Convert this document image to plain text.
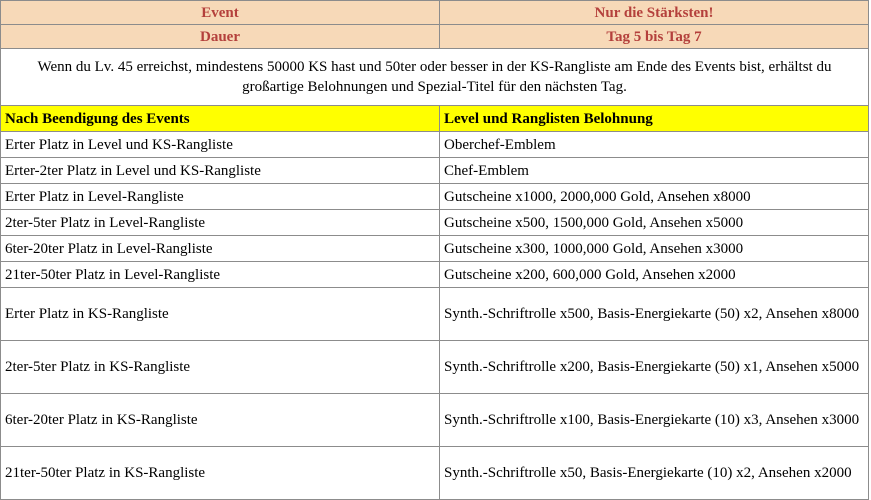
Event	Nur die Stärksten!
Dauer	Tag 5 bis Tag 7
Wenn du Lv. 45 erreichst, mindestens 50000 KS hast und 50ter oder besser in der KS-Rangliste am Ende des Events bist, erhältst du großartige Belohnungen und Spezial-Titel für den nächsten Tag.	
Nach Beendigung des Events	Level und Ranglisten Belohnung
Erter Platz in Level und KS-Rangliste	Oberchef-Emblem
Erter-2ter Platz in Level und KS-Rangliste	Chef-Emblem
Erter Platz in Level-Rangliste	Gutscheine x1000, 2000,000 Gold, Ansehen x8000
2ter-5ter Platz in Level-Rangliste	Gutscheine x500, 1500,000 Gold, Ansehen x5000
6ter-20ter Platz in Level-Rangliste	Gutscheine x300, 1000,000 Gold, Ansehen x3000
21ter-50ter Platz in Level-Rangliste	Gutscheine x200, 600,000 Gold, Ansehen x2000
Erter Platz in KS-Rangliste	Synth.-Schriftrolle x500, Basis-Energiekarte (50) x2, Ansehen x8000
2ter-5ter Platz in KS-Rangliste	Synth.-Schriftrolle x200, Basis-Energiekarte (50) x1, Ansehen x5000
6ter-20ter Platz in KS-Rangliste	Synth.-Schriftrolle x100, Basis-Energiekarte (10) x3, Ansehen x3000
21ter-50ter Platz in KS-Rangliste	Synth.-Schriftrolle x50, Basis-Energiekarte (10) x2, Ansehen x2000
